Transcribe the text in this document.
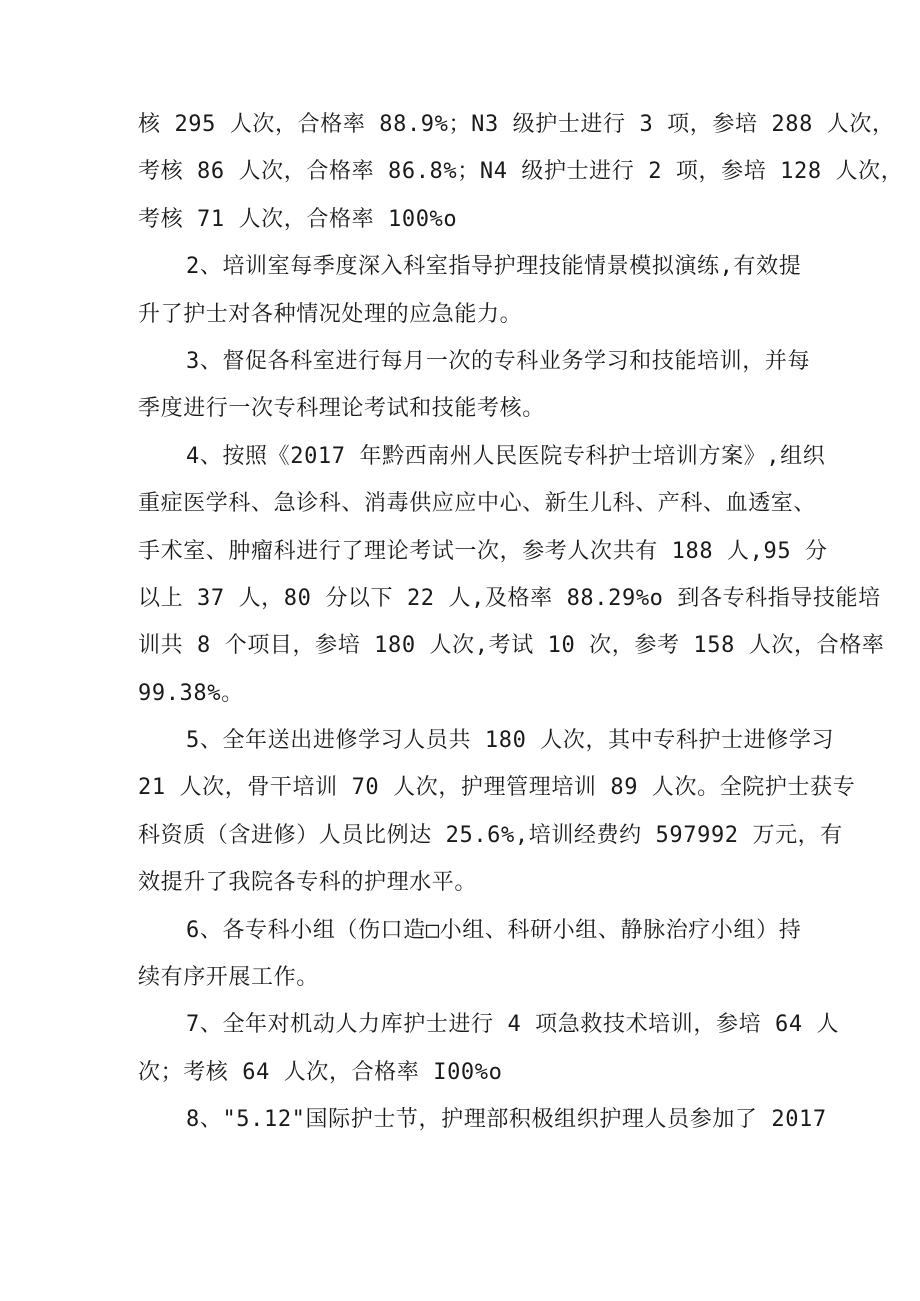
核 295 人次，合格率 88.9%；N3 级护士进行 3 项，参培 288 人次，
考核 86 人次，合格率 86.8%；N4 级护士进行 2 项，参培 128 人次，
考核 71 人次，合格率 100%o
2、培训室每季度深入科室指导护理技能情景模拟演练,有效提
升了护士对各种情况处理的应急能力。
3、督促各科室进行每月一次的专科业务学习和技能培训，并每
季度进行一次专科理论考试和技能考核。
4、按照《2017 年黔西南州人民医院专科护士培训方案》,组织
重症医学科、急诊科、消毒供应应中心、新生儿科、产科、血透室、
手术室、肿瘤科进行了理论考试一次，参考人次共有 188 人,95 分
以上 37 人，80 分以下 22 人,及格率 88.29%o 到各专科指导技能培
训共 8 个项目，参培 180 人次,考试 10 次，参考 158 人次，合格率
99.38%。
5、全年送出进修学习人员共 180 人次，其中专科护士进修学习
21 人次，骨干培训 70 人次，护理管理培训 89 人次。全院护士获专
科资质（含进修）人员比例达 25.6%,培训经费约 597992 万元，有
效提升了我院各专科的护理水平。
6、各专科小组（伤口造□小组、科研小组、静脉治疗小组）持
续有序开展工作。
7、全年对机动人力库护士进行 4 项急救技术培训，参培 64 人
次；考核 64 人次，合格率 I00%o
8、"5.12"国际护士节，护理部积极组织护理人员参加了 2017
